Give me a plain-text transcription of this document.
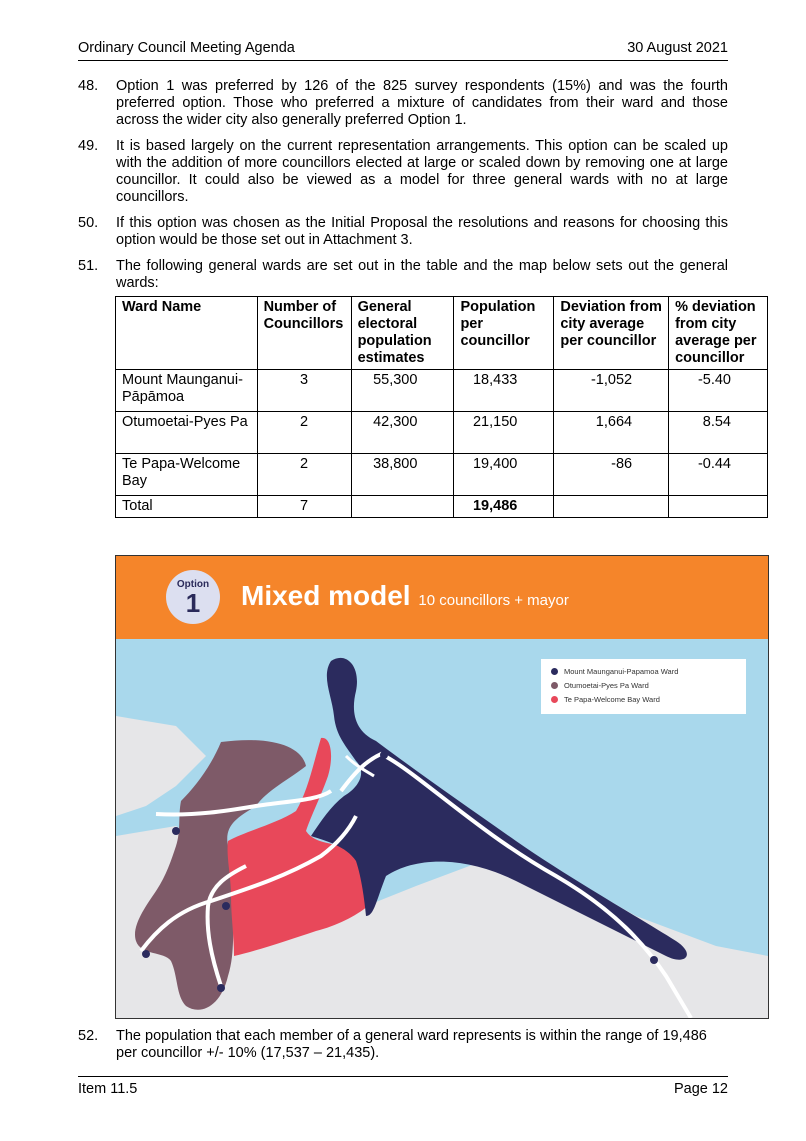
Ordinary Council Meeting Agenda	30 August 2021
48. Option 1 was preferred by 126 of the 825 survey respondents (15%) and was the fourth preferred option. Those who preferred a mixture of candidates from their ward and those across the wider city also generally preferred Option 1.
49. It is based largely on the current representation arrangements. This option can be scaled up with the addition of more councillors elected at large or scaled down by removing one at large councillor. It could also be viewed as a model for three general wards with no at large councillors.
50. If this option was chosen as the Initial Proposal the resolutions and reasons for choosing this option would be those set out in Attachment 3.
51. The following general wards are set out in the table and the map below sets out the general wards:
Ward Name	Number of Councillors	General electoral population estimates	Population per councillor	Deviation from city average per councillor	% deviation from city average per councillor
Mount Maunganui-Pāpāmoa	3	55,300	18,433	-1,052	-5.40
Otumoetai-Pyes Pa	2	42,300	21,150	1,664	8.54
Te Papa-Welcome Bay	2	38,800	19,400	-86	-0.44
Total	7		19,486		
Option
1	Mixed model 10 councillors + mayor
Mount Maunganui-Papamoa Ward
Otumoetai-Pyes Pa Ward
Te Papa-Welcome Bay Ward
52. The population that each member of a general ward represents is within the range of 19,486 per councillor +/- 10% (17,537 – 21,435).
Item 11.5	Page 12
